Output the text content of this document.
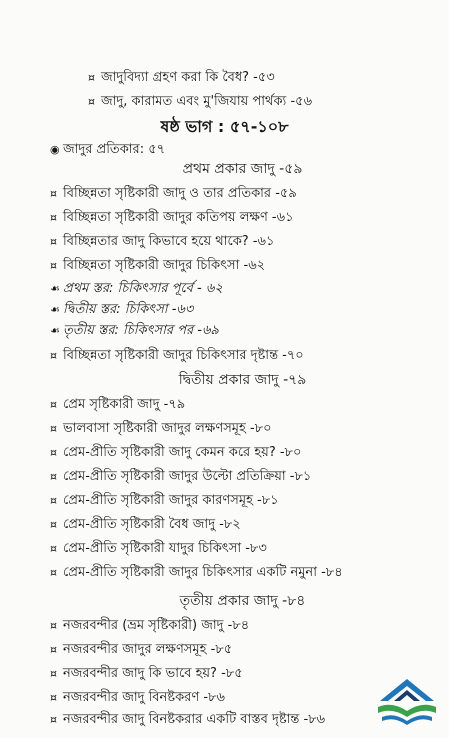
¤ জাদুবিদ্যা গ্রহণ করা কি বৈধ? -৫৩
¤ জাদু, কারামত এবং মু'জিযায় পার্থক্য -৫৬
ষষ্ঠ ভাগ : ৫৭-১০৮
◉ জাদুর প্রতিকার: ৫৭
প্রথম প্রকার জাদু -৫৯
¤ বিচ্ছিন্নতা সৃষ্টিকারী জাদু ও তার প্রতিকার -৫৯
¤ বিচ্ছিন্নতা সৃষ্টিকারী জাদুর কতিপয় লক্ষণ -৬১
¤ বিচ্ছিন্নতার জাদু কিভাবে হয়ে থাকে? -৬১
¤ বিচ্ছিন্নতা সৃষ্টিকারী জাদুর চিকিৎসা -৬২
☙ প্রথম স্তর: চিকিৎসার পূর্বে - ৬২
☙ দ্বিতীয় স্তর: চিকিৎসা -৬৩
☙ তৃতীয় স্তর: চিকিৎসার পর -৬৯
¤ বিচ্ছিন্নতা সৃষ্টিকারী জাদুর চিকিৎসার দৃষ্টান্ত -৭০
দ্বিতীয় প্রকার জাদু -৭৯
¤ প্রেম সৃষ্টিকারী জাদু -৭৯
¤ ভালবাসা সৃষ্টিকারী জাদুর লক্ষণসমূহ -৮০
¤ প্রেম-প্রীতি সৃষ্টিকারী জাদু কেমন করে হয়? -৮০
¤ প্রেম-প্রীতি সৃষ্টিকারী জাদুর উল্টো প্রতিক্রিয়া -৮১
¤ প্রেম-প্রীতি সৃষ্টিকারী জাদুর কারণসমূহ -৮১
¤ প্রেম-প্রীতি সৃষ্টিকারী বৈধ জাদু -৮২
¤ প্রেম-প্রীতি সৃষ্টিকারী যাদুর চিকিৎসা -৮৩
¤ প্রেম-প্রীতি সৃষ্টিকারী জাদুর চিকিৎসার একটি নমুনা -৮৪
তৃতীয় প্রকার জাদু -৮৪
¤ নজরবন্দীর (ভ্রম সৃষ্টিকারী) জাদু -৮৪
¤ নজরবন্দীর জাদুর লক্ষণসমূহ -৮৫
¤ নজরবন্দীর জাদু কি ভাবে হয়? -৮৫
¤ নজরবন্দীর জাদু বিনষ্টকরণ -৮৬
¤ নজরবন্দীর জাদু বিনষ্টকরার একটি বাস্তব দৃষ্টান্ত -৮৬
